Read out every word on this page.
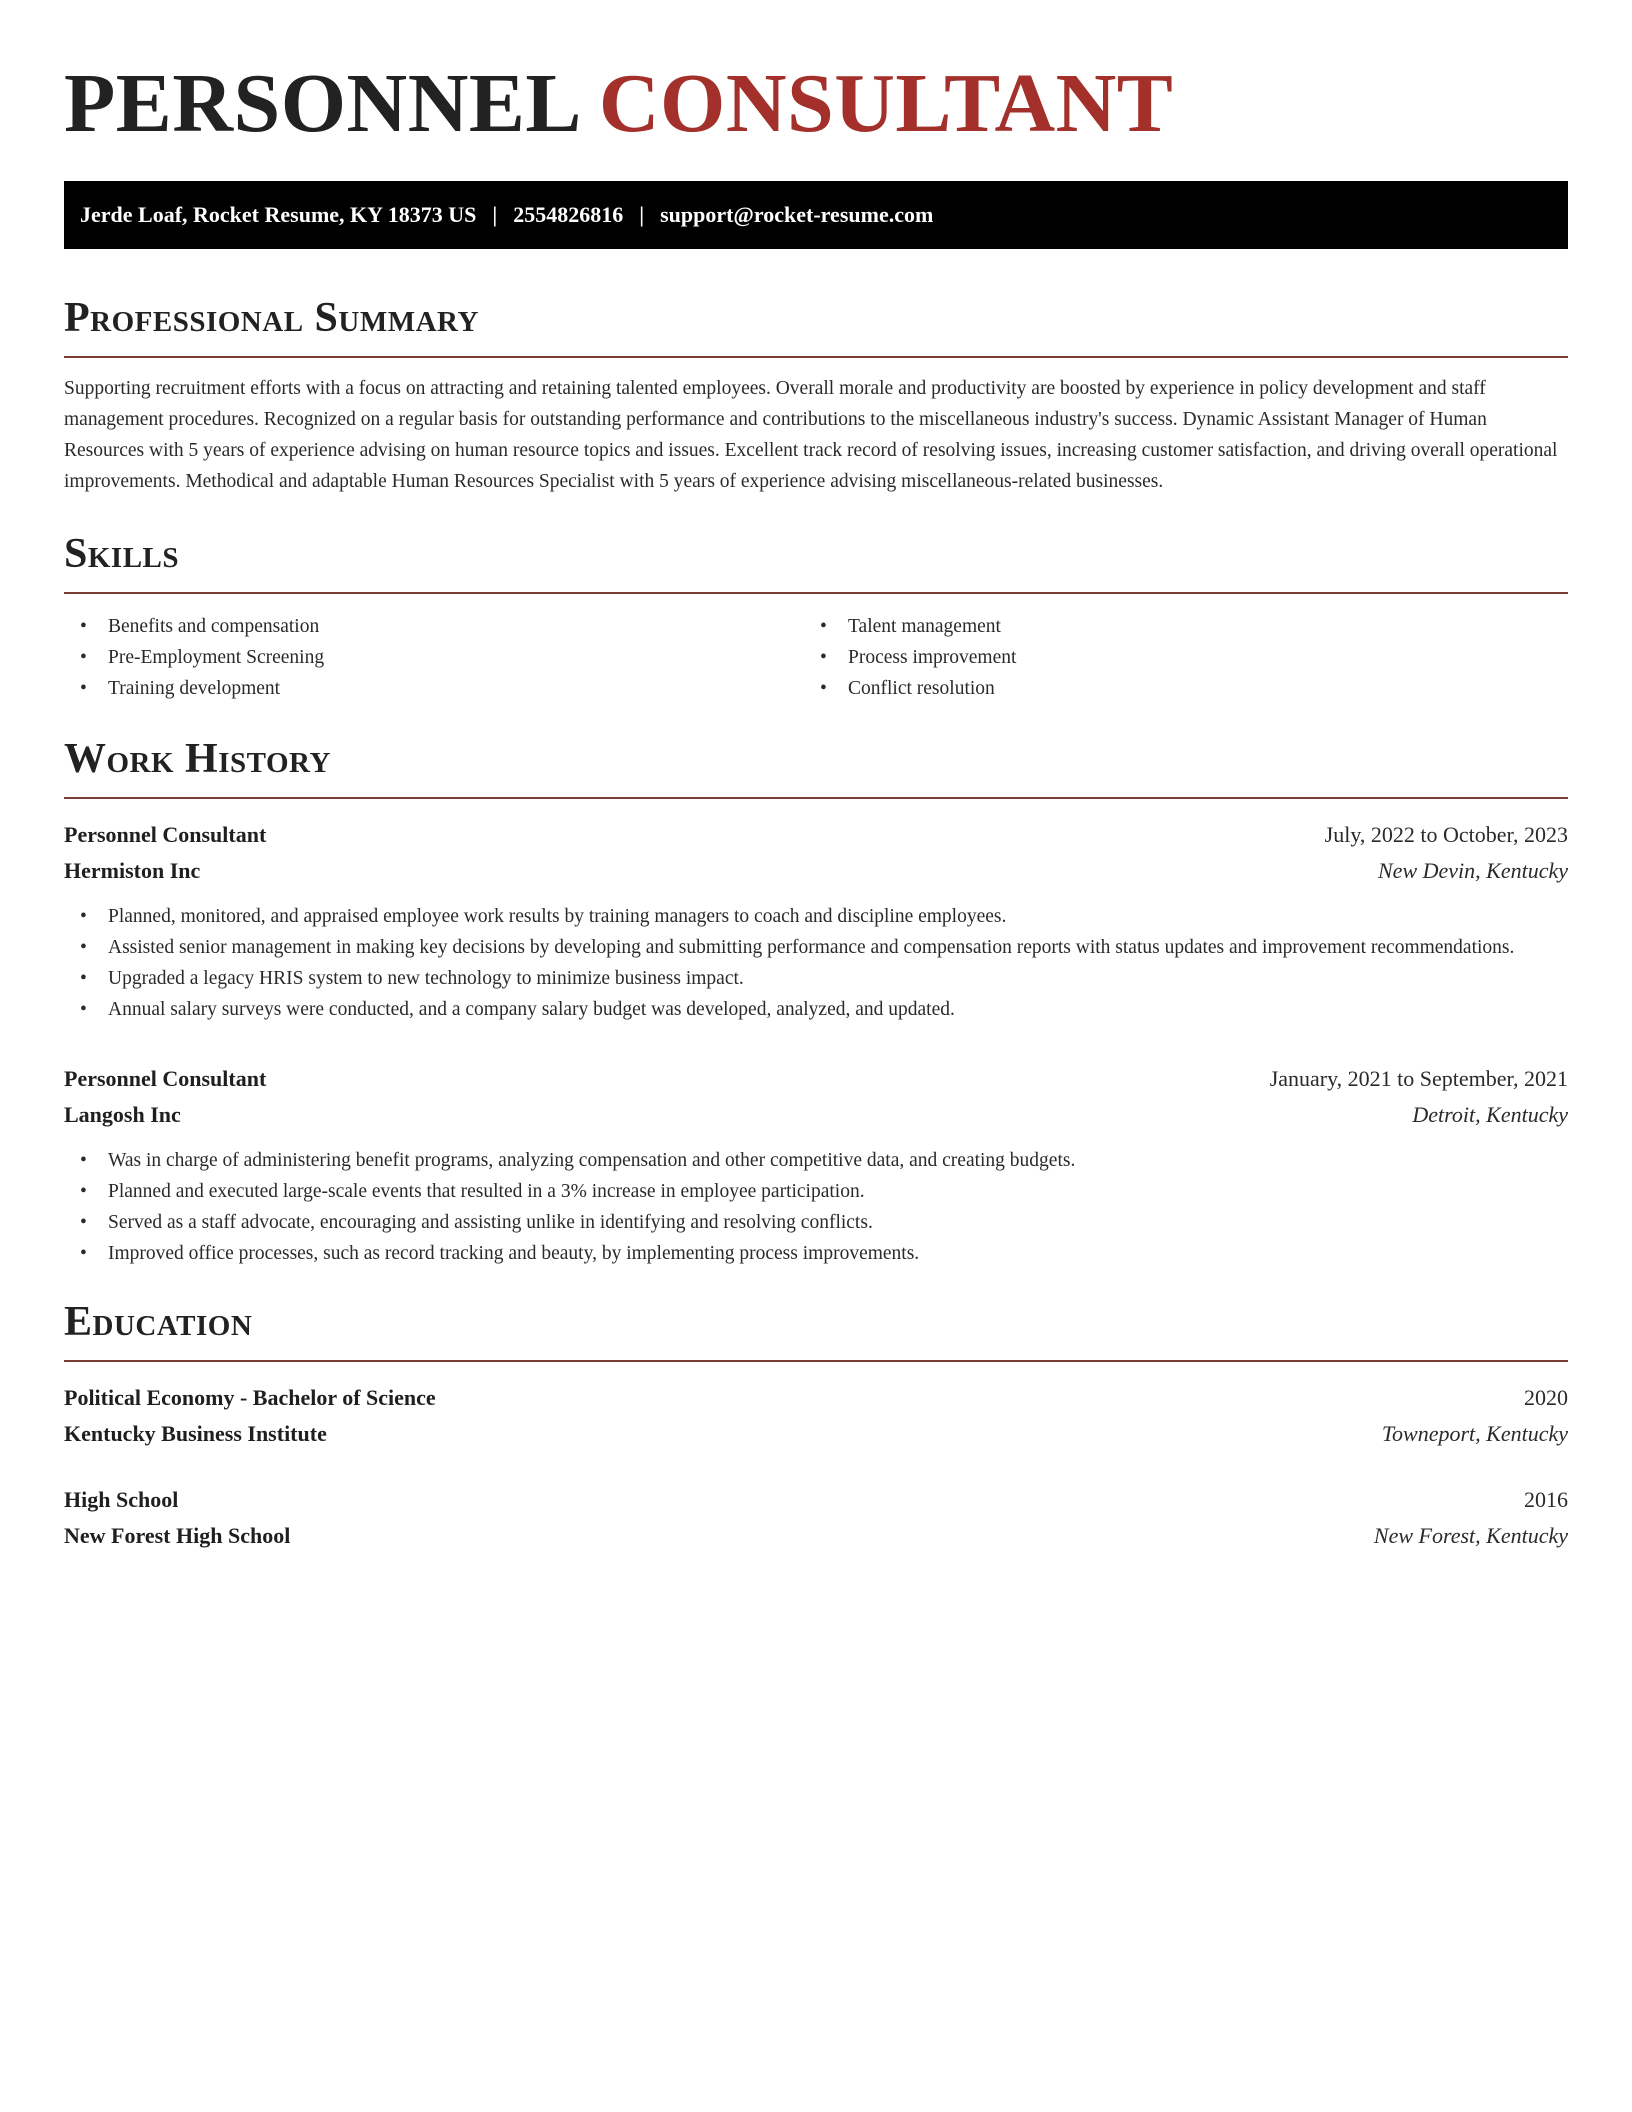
PERSONNEL CONSULTANT
Jerde Loaf, Rocket Resume, KY 18373 US | 2554826816 | support@rocket-resume.com
Professional Summary

Supporting recruitment efforts with a focus on attracting and retaining talented employees. Overall morale and productivity are boosted by experience in policy development and staff management procedures. Recognized on a regular basis for outstanding performance and contributions to the miscellaneous industry's success. Dynamic Assistant Manager of Human Resources with 5 years of experience advising on human resource topics and issues. Excellent track record of resolving issues, increasing customer satisfaction, and driving overall operational improvements. Methodical and adaptable Human Resources Specialist with 5 years of experience advising miscellaneous-related businesses.

Skills
• Benefits and compensation
• Pre-Employment Screening
• Training development
• Talent management
• Process improvement
• Conflict resolution
Work History
Personnel Consultant	July, 2022 to October, 2023
Hermiston Inc	New Devin, Kentucky
• Planned, monitored, and appraised employee work results by training managers to coach and discipline employees.
• Assisted senior management in making key decisions by developing and submitting performance and compensation reports with status updates and improvement recommendations.
• Upgraded a legacy HRIS system to new technology to minimize business impact.
• Annual salary surveys were conducted, and a company salary budget was developed, analyzed, and updated.
Personnel Consultant	January, 2021 to September, 2021
Langosh Inc	Detroit, Kentucky
• Was in charge of administering benefit programs, analyzing compensation and other competitive data, and creating budgets.
• Planned and executed large-scale events that resulted in a 3% increase in employee participation.
• Served as a staff advocate, encouraging and assisting unlike in identifying and resolving conflicts.
• Improved office processes, such as record tracking and beauty, by implementing process improvements.
Education
Political Economy - Bachelor of Science	2020
Kentucky Business Institute	Towneport, Kentucky
High School	2016
New Forest High School	New Forest, Kentucky
